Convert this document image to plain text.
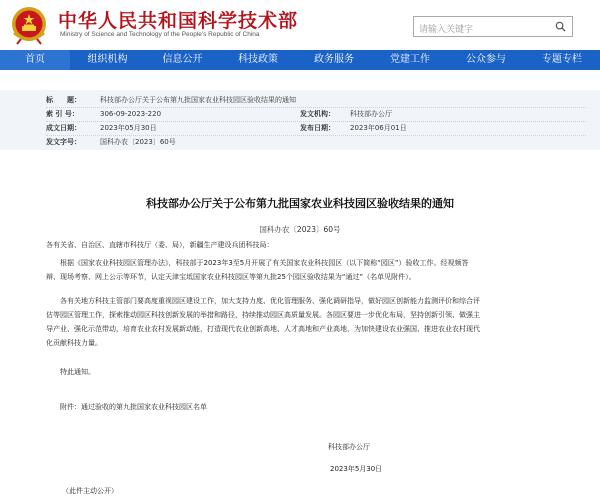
中华人民共和国科学技术部
Ministry of Science and Technology of the People's Republic of China
请输入关键字
首页	组织机构	信息公开	科技政策	政务服务	党建工作	公众参与	专题专栏
标　　题：	科技部办公厅关于公布第九批国家农业科技园区验收结果的通知
索 引 号：	306-09-2023-220	发文机构：	科技部办公厅
成文日期：	2023年05月30日	发布日期：	2023年06月01日
发文字号：	国科办农〔2023〕60号
科技部办公厅关于公布第九批国家农业科技园区验收结果的通知
国科办农〔2023〕60号
各有关省、自治区、直辖市科技厅（委、局），新疆生产建设兵团科技局：
　　根据《国家农业科技园区管理办法》，科技部于2023年3至5月开展了有关国家农业科技园区（以下简称“园区”）验收工作。经视频答
辩、现场考察、网上公示等环节，认定天津宝坻国家农业科技园区等第九批25个园区验收结果为“通过”（名单见附件）。
　　各有关地方科技主管部门要高度重视园区建设工作，加大支持力度、优化管理服务、强化调研指导，做好园区创新能力监测评价和综合评
估等园区管理工作，探索推动园区科技创新发展的举措和路径，持续推动园区高质量发展。各园区要进一步优化布局，坚持创新引领、做强主
导产业、强化示范带动，培育农业农村发展新动能，打造现代农业创新高地、人才高地和产业高地，为加快建设农业强国、推进农业农村现代
化贡献科技力量。
　　特此通知。
　　附件：通过验收的第九批国家农业科技园区名单
科技部办公厅
2023年5月30日
（此件主动公开）
